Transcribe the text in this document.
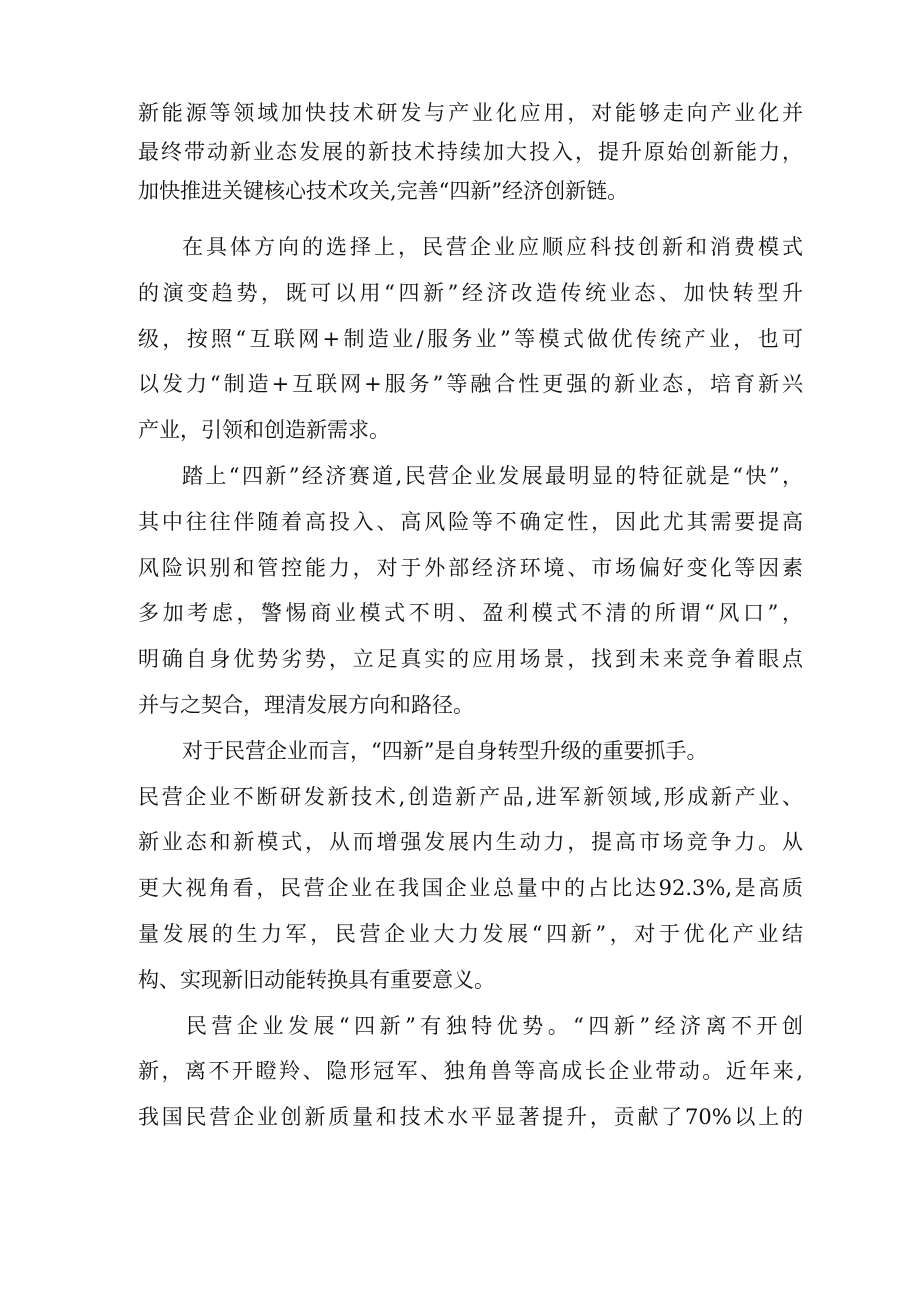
新能源等领域加快技术研发与产业化应用，对能够走向产业化并
最终带动新业态发展的新技术持续加大投入，提升原始创新能力，
加快推进关键核心技术攻关,完善“四新”经济创新链。
在具体方向的选择上，民营企业应顺应科技创新和消费模式
的演变趋势，既可以用“四新”经济改造传统业态、加快转型升
级，按照“互联网+制造业/服务业”等模式做优传统产业，也可
以发力“制造+互联网+服务”等融合性更强的新业态，培育新兴
产业，引领和创造新需求。
踏上“四新”经济赛道,民营企业发展最明显的特征就是“快”，
其中往往伴随着高投入、高风险等不确定性，因此尤其需要提高
风险识别和管控能力，对于外部经济环境、市场偏好变化等因素
多加考虑，警惕商业模式不明、盈利模式不清的所谓“风口”，
明确自身优势劣势，立足真实的应用场景，找到未来竞争着眼点
并与之契合，理清发展方向和路径。
对于民营企业而言，“四新”是自身转型升级的重要抓手。
民营企业不断研发新技术,创造新产品,进军新领域,形成新产业、
新业态和新模式，从而增强发展内生动力，提高市场竞争力。从
更大视角看，民营企业在我国企业总量中的占比达92.3%,是高质
量发展的生力军，民营企业大力发展“四新”，对于优化产业结
构、实现新旧动能转换具有重要意义。
民营企业发展“四新”有独特优势。“四新”经济离不开创
新，离不开瞪羚、隐形冠军、独角兽等高成长企业带动。近年来,
我国民营企业创新质量和技术水平显著提升，贡献了70%以上的
